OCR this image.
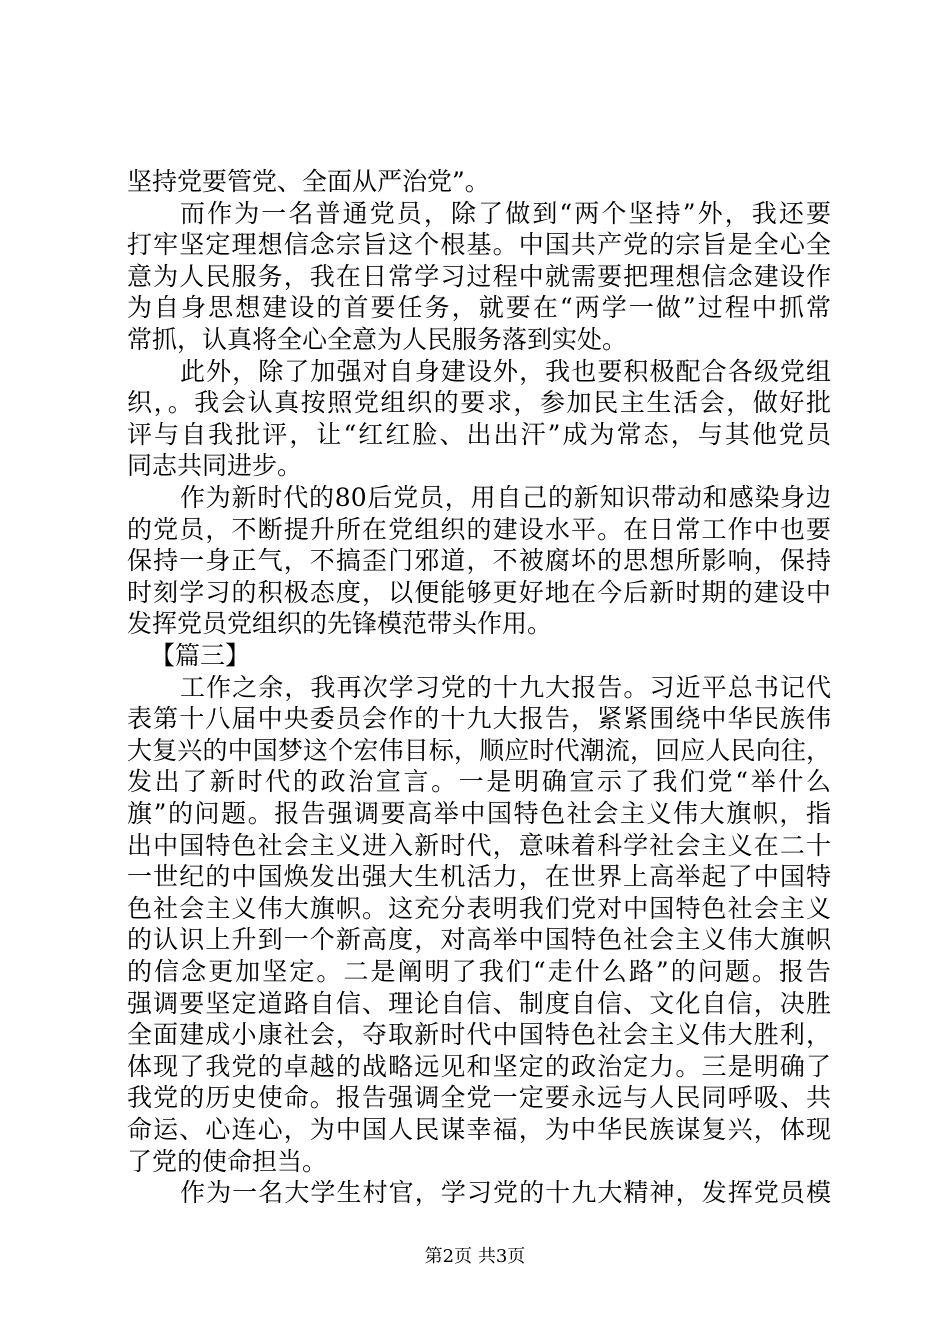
坚持党要管党、全面从严治党”。
而作为一名普通党员，除了做到“两个坚持”外，我还要
打牢坚定理想信念宗旨这个根基。中国共产党的宗旨是全心全
意为人民服务，我在日常学习过程中就需要把理想信念建设作
为自身思想建设的首要任务，就要在“两学一做”过程中抓常
常抓，认真将全心全意为人民服务落到实处。
此外，除了加强对自身建设外，我也要积极配合各级党组
织，。我会认真按照党组织的要求，参加民主生活会，做好批
评与自我批评，让“红红脸、出出汗”成为常态，与其他党员
同志共同进步。
作为新时代的80后党员，用自己的新知识带动和感染身边
的党员，不断提升所在党组织的建设水平。在日常工作中也要
保持一身正气，不搞歪门邪道，不被腐坏的思想所影响，保持
时刻学习的积极态度，以便能够更好地在今后新时期的建设中
发挥党员党组织的先锋模范带头作用。
【篇三】
工作之余，我再次学习党的十九大报告。习近平总书记代
表第十八届中央委员会作的十九大报告，紧紧围绕中华民族伟
大复兴的中国梦这个宏伟目标，顺应时代潮流，回应人民向往，
发出了新时代的政治宣言。一是明确宣示了我们党“举什么
旗”的问题。报告强调要高举中国特色社会主义伟大旗帜，指
出中国特色社会主义进入新时代，意味着科学社会主义在二十
一世纪的中国焕发出强大生机活力，在世界上高举起了中国特
色社会主义伟大旗帜。这充分表明我们党对中国特色社会主义
的认识上升到一个新高度，对高举中国特色社会主义伟大旗帜
的信念更加坚定。二是阐明了我们“走什么路”的问题。报告
强调要坚定道路自信、理论自信、制度自信、文化自信，决胜
全面建成小康社会，夺取新时代中国特色社会主义伟大胜利，
体现了我党的卓越的战略远见和坚定的政治定力。三是明确了
我党的历史使命。报告强调全党一定要永远与人民同呼吸、共
命运、心连心，为中国人民谋幸福，为中华民族谋复兴，体现
了党的使命担当。
作为一名大学生村官，学习党的十九大精神，发挥党员模
第2页 共3页
